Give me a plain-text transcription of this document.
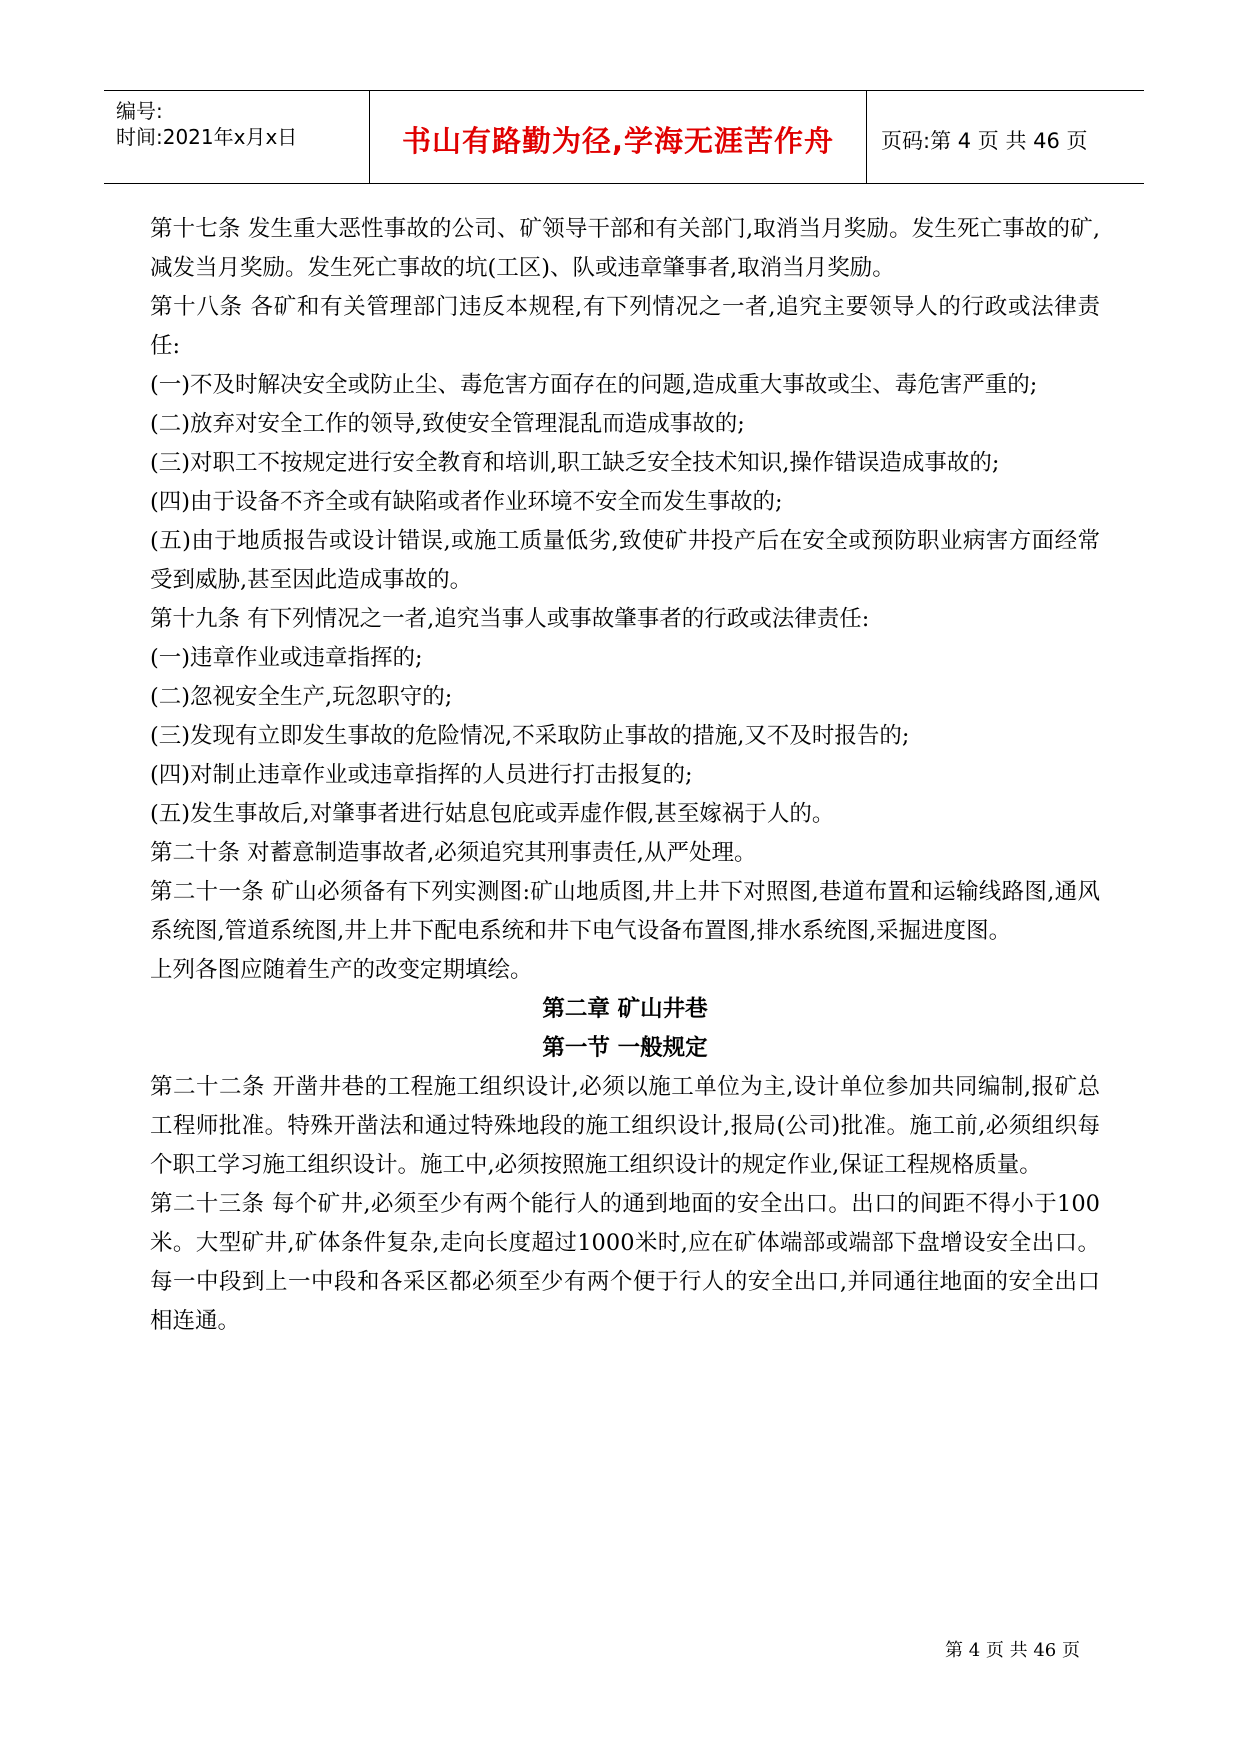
编号:
时间:2021年x月x日	书山有路勤为径,学海无涯苦作舟	页码:第 4 页 共 46 页

第十七条 发生重大恶性事故的公司、矿领导干部和有关部门,取消当月奖励。发生死亡事故的矿,减发当月奖励。发生死亡事故的坑(工区)、队或违章肇事者,取消当月奖励。

第十八条 各矿和有关管理部门违反本规程,有下列情况之一者,追究主要领导人的行政或法律责任:

(一)不及时解决安全或防止尘、毒危害方面存在的问题,造成重大事故或尘、毒危害严重的;

(二)放弃对安全工作的领导,致使安全管理混乱而造成事故的;

(三)对职工不按规定进行安全教育和培训,职工缺乏安全技术知识,操作错误造成事故的;

(四)由于设备不齐全或有缺陷或者作业环境不安全而发生事故的;

(五)由于地质报告或设计错误,或施工质量低劣,致使矿井投产后在安全或预防职业病害方面经常受到威胁,甚至因此造成事故的。

第十九条 有下列情况之一者,追究当事人或事故肇事者的行政或法律责任:

(一)违章作业或违章指挥的;

(二)忽视安全生产,玩忽职守的;

(三)发现有立即发生事故的危险情况,不采取防止事故的措施,又不及时报告的;

(四)对制止违章作业或违章指挥的人员进行打击报复的;

(五)发生事故后,对肇事者进行姑息包庇或弄虚作假,甚至嫁祸于人的。

第二十条 对蓄意制造事故者,必须追究其刑事责任,从严处理。

第二十一条 矿山必须备有下列实测图:矿山地质图,井上井下对照图,巷道布置和运输线路图,通风系统图,管道系统图,井上井下配电系统和井下电气设备布置图,排水系统图,采掘进度图。

上列各图应随着生产的改变定期填绘。

第二章 矿山井巷

第一节 一般规定

第二十二条 开凿井巷的工程施工组织设计,必须以施工单位为主,设计单位参加共同编制,报矿总工程师批准。特殊开凿法和通过特殊地段的施工组织设计,报局(公司)批准。施工前,必须组织每个职工学习施工组织设计。施工中,必须按照施工组织设计的规定作业,保证工程规格质量。

第二十三条 每个矿井,必须至少有两个能行人的通到地面的安全出口。出口的间距不得小于100米。大型矿井,矿体条件复杂,走向长度超过1000米时,应在矿体端部或端部下盘增设安全出口。每一中段到上一中段和各采区都必须至少有两个便于行人的安全出口,并同通往地面的安全出口相连通。

第 4 页 共 46 页
